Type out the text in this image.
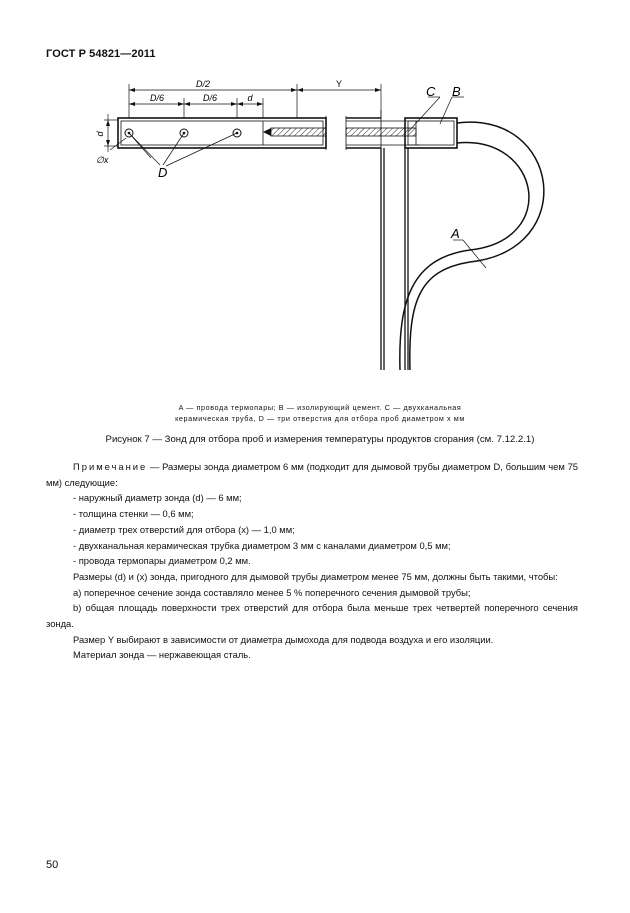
ГОСТ Р 54821—2011
D/2	Y
D/6	D/6	d
d
∅x
D
C B
A
A — провода термопары; B — изолирующий цемент. C — двухканальная
керамическая труба, D — три отверстия для отбора проб диаметром x мм
Рисунок 7 — Зонд для отбора проб и измерения температуры продуктов сгорания (см. 7.12.2.1)

Примечание — Размеры зонда диаметром 6 мм (подходит для дымовой трубы диаметром D, большим чем 75 мм) следующие:

- наружный диаметр зонда (d) — 6 мм;

- толщина стенки — 0,6 мм;

- диаметр трех отверстий для отбора (x) — 1,0 мм;

- двухканальная керамическая трубка диаметром 3 мм с каналами диаметром 0,5 мм;

- провода термопары диаметром 0,2 мм.

Размеры (d) и (x) зонда, пригодного для дымовой трубы диаметром менее 75 мм, должны быть такими, чтобы:

a) поперечное сечение зонда составляло менее 5 % поперечного сечения дымовой трубы;

b) общая площадь поверхности трех отверстий для отбора была меньше трех четвертей поперечного сечения зонда.

Размер Y выбирают в зависимости от диаметра дымохода для подвода воздуха и его изоляции.

Материал зонда — нержавеющая сталь.

50
